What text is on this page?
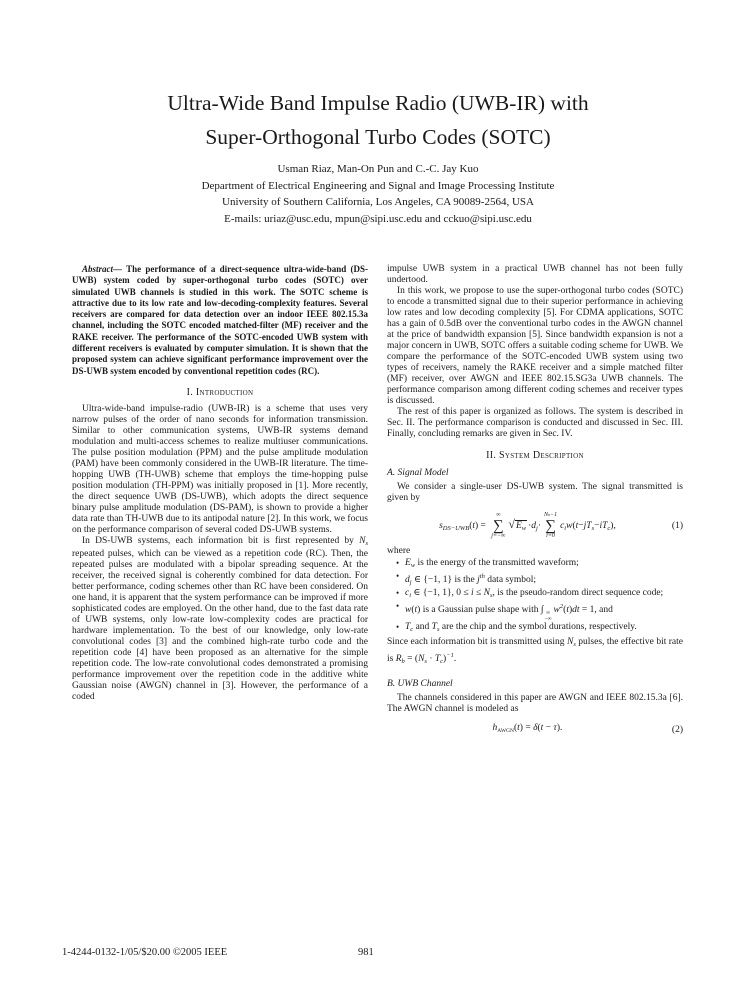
Ultra-Wide Band Impulse Radio (UWB-IR) with
Super-Orthogonal Turbo Codes (SOTC)
Usman Riaz, Man-On Pun and C.-C. Jay Kuo
Department of Electrical Engineering and Signal and Image Processing Institute
University of Southern California, Los Angeles, CA 90089-2564, USA
E-mails: uriaz@usc.edu, mpun@sipi.usc.edu and cckuo@sipi.usc.edu

Abstract— The performance of a direct-sequence ultra-wide-band (DS-UWB) system coded by super-orthogonal turbo codes (SOTC) over simulated UWB channels is studied in this work. The SOTC scheme is attractive due to its low rate and low-decoding-complexity features. Several receivers are compared for data detection over an indoor IEEE 802.15.3a channel, including the SOTC encoded matched-filter (MF) receiver and the RAKE receiver. The performance of the SOTC-encoded UWB system with different receivers is evaluated by computer simulation. It is shown that the proposed system can achieve significant performance improvement over the DS-UWB system encoded by conventional repetition codes (RC).

I. Introduction

Ultra-wide-band impulse-radio (UWB-IR) is a scheme that uses very narrow pulses of the order of nano seconds for information transmission. Similar to other communication systems, UWB-IR systems demand modulation and multi-access schemes to realize multiuser communications. The pulse position modulation (PPM) and the pulse amplitude modulation (PAM) have been commonly considered in the UWB-IR literature. The time-hopping UWB (TH-UWB) scheme that employs the time-hopping pulse position modulation (TH-PPM) was initially proposed in [1]. More recently, the direct sequence UWB (DS-UWB), which adopts the direct sequence binary pulse amplitude modulation (DS-PAM), is shown to provide a higher data rate than TH-UWB due to its antipodal nature [2]. In this work, we focus on the performance comparison of several coded DS-UWB systems.

In DS-UWB systems, each information bit is first represented by $N_s$ repeated pulses, which can be viewed as a repetition code (RC). Then, the repeated pulses are modulated with a bipolar spreading sequence. At the receiver, the received signal is coherently combined for data detection. For better performance, coding schemes other than RC have been considered. On one hand, it is apparent that the system performance can be improved if more sophisticated codes are employed. On the other hand, due to the fast data rate of UWB systems, only low-rate low-complexity codes are practical for hardware implementation. To the best of our knowledge, only low-rate convolutional codes [3] and the combined high-rate turbo code and the repetition code [4] have been proposed as an alternative for the simple repetition code. The low-rate convolutional codes demonstrated a promising performance improvement over the repetition code in the additive white Gaussian noise (AWGN) channel in [3]. However, the performance of a coded

impulse UWB system in a practical UWB channel has not been fully undertood.

In this work, we propose to use the super-orthogonal turbo codes (SOTC) to encode a transmitted signal due to their superior performance in achieving low rates and low decoding complexity [5]. For CDMA applications, SOTC has a gain of 0.5dB over the conventional turbo codes in the AWGN channel at the price of bandwidth expansion [5]. Since bandwidth expansion is not a major concern in UWB, SOTC offers a suitable coding scheme for UWB. We compare the performance of the SOTC-encoded UWB system using two types of receivers, namely the RAKE receiver and a simple matched filter (MF) receiver, over AWGN and IEEE 802.15.SG3a UWB channels. The performance comparison among different coding schemes and receiver types is discussed.

The rest of this paper is organized as follows. The system is described in Sec. II. The performance comparison is conducted and discussed in Sec. III. Finally, concluding remarks are given in Sec. IV.

II. System Description
A. Signal Model

We consider a single-user DS-UWB system. The signal transmitted is given by

$s_{DS-UWB}(t)$ =
∞
∑
j=−∞
√ $E_w \cdot d_j\cdot$
Nₛ−1
∑
i=0
$c_iw(t-jT_s-iT_c)$,	(1)

where

• $E_w$ is the energy of the transmitted waveform;
• $d_j$ ∈ {−1, 1} is the $j^{th}$ data symbol;
• $c_i$ ∈ {−1, 1}, $0 \le i \le N_s$, is the pseudo-random direct sequence code;
• w(t) is a Gaussian pulse shape with ∫ ∞
−∞
$w^2(t)dt = 1$, and
• $T_c$ and $T_s$ are the chip and the symbol durations, respectively.

Since each information bit is transmitted using $N_s$ pulses, the effective bit rate is $R_b = (N_s \cdot T_c)^{-1}$.

B. UWB Channel

The channels considered in this paper are AWGN and IEEE 802.15.3a [6]. The AWGN channel is modeled as

$h_{AWGN}(t) = \delta(t - \tau)$.	(2)
1-4244-0132-1/05/$20.00 ©2005 IEEE	981
